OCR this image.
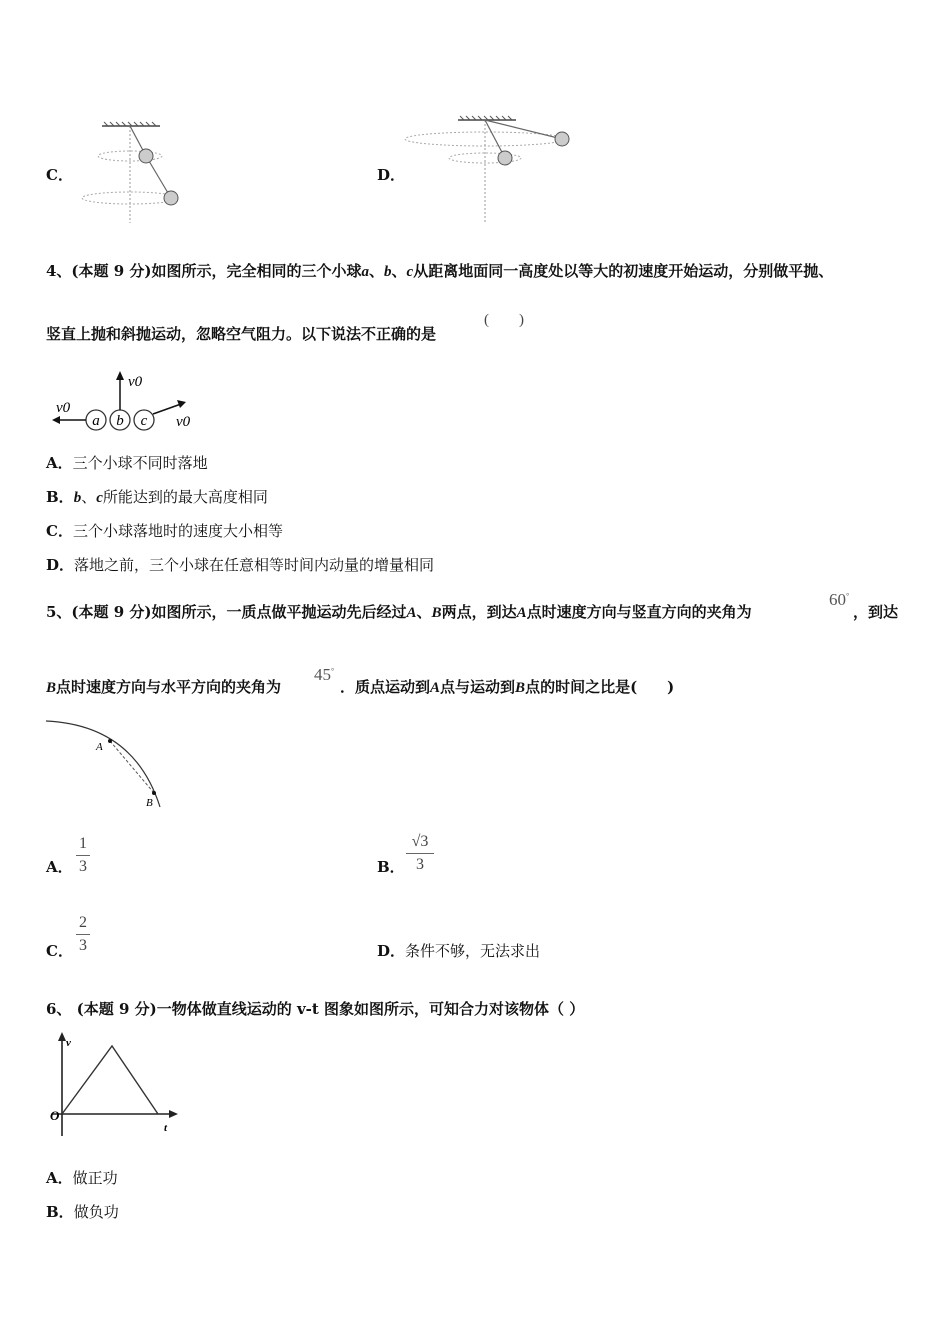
C．	D．
4、(本题 9 分)如图所示，完全相同的三个小球a、b、c从距离地面同一高度处以等大的初速度开始运动，分别做平抛、
竖直上抛和斜抛运动，忽略空气阻力。以下说法不正确的是
(　　)
a b c
v0
v0
v0
A．三个小球不同时落地
B．b、c所能达到的最大高度相同
C．三个小球落地时的速度大小相等
D．落地之前，三个小球在任意相等时间内动量的增量相同
5、(本题 9 分)如图所示，一质点做平抛运动先后经过A、B两点，到达A点时速度方向与竖直方向的夹角为
60°
，到达
B点时速度方向与水平方向的夹角为
45°
．质点运动到A点与运动到B点的时间之比是(　　)
A
B
A．
1
3	B．
√3
3
C．
2
3	D．条件不够，无法求出
6、 (本题 9 分)一物体做直线运动的 v-t 图象如图所示，可知合力对该物体（ ）
v
t
O
A．做正功
B．做负功
